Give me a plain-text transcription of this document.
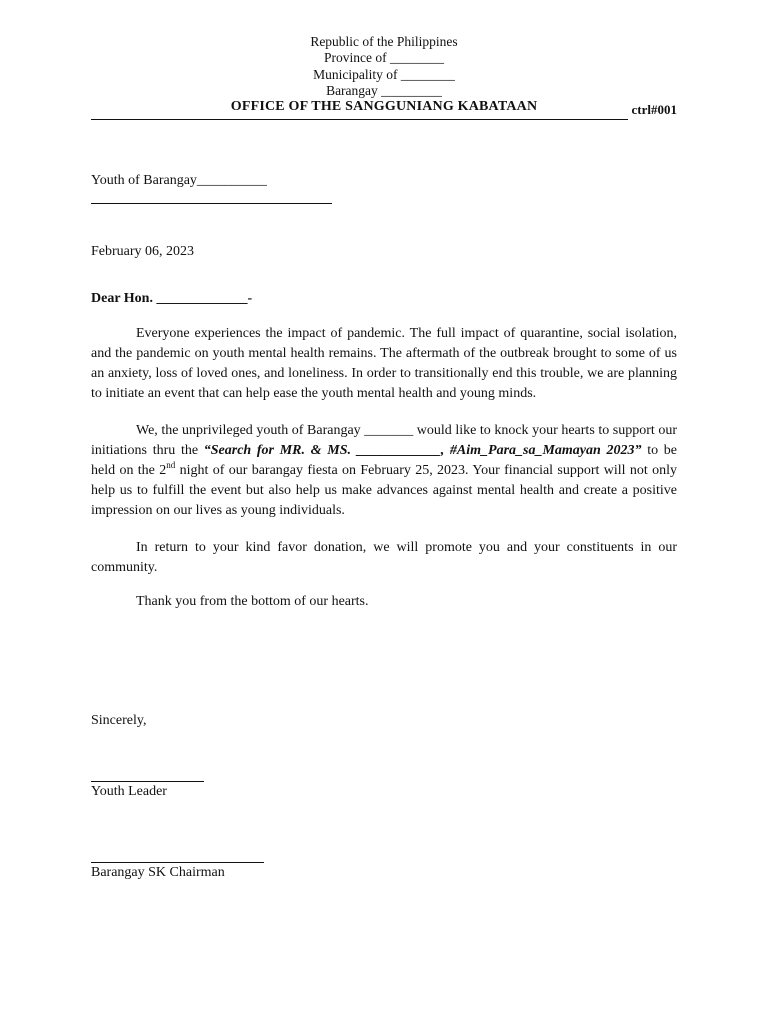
Republic of the Philippines
Province of ________
Municipality of ________
Barangay _________
OFFICE OF THE SANGGUNIANG KABATAAN	ctrl#001
Youth of Barangay__________
February 06, 2023
Dear Hon. _____________-

Everyone experiences the impact of pandemic. The full impact of quarantine, social isolation, and the pandemic on youth mental health remains. The aftermath of the outbreak brought to some of us an anxiety, loss of loved ones, and loneliness. In order to transitionally end this trouble, we are planning to initiate an event that can help ease the youth mental health and young minds.

We, the unprivileged youth of Barangay _______ would like to knock your hearts to support our initiations thru the “Search for MR. & MS. ____________, #Aim_Para_sa_Mamayan 2023” to be held on the 2nd night of our barangay fiesta on February 25, 2023. Your financial support will not only help us to fulfill the event but also help us make advances against mental health and create a positive impression on our lives as young individuals.

In return to your kind favor donation, we will promote you and your constituents in our community.

Thank you from the bottom of our hearts.

Sincerely,
Youth Leader
Barangay SK Chairman
